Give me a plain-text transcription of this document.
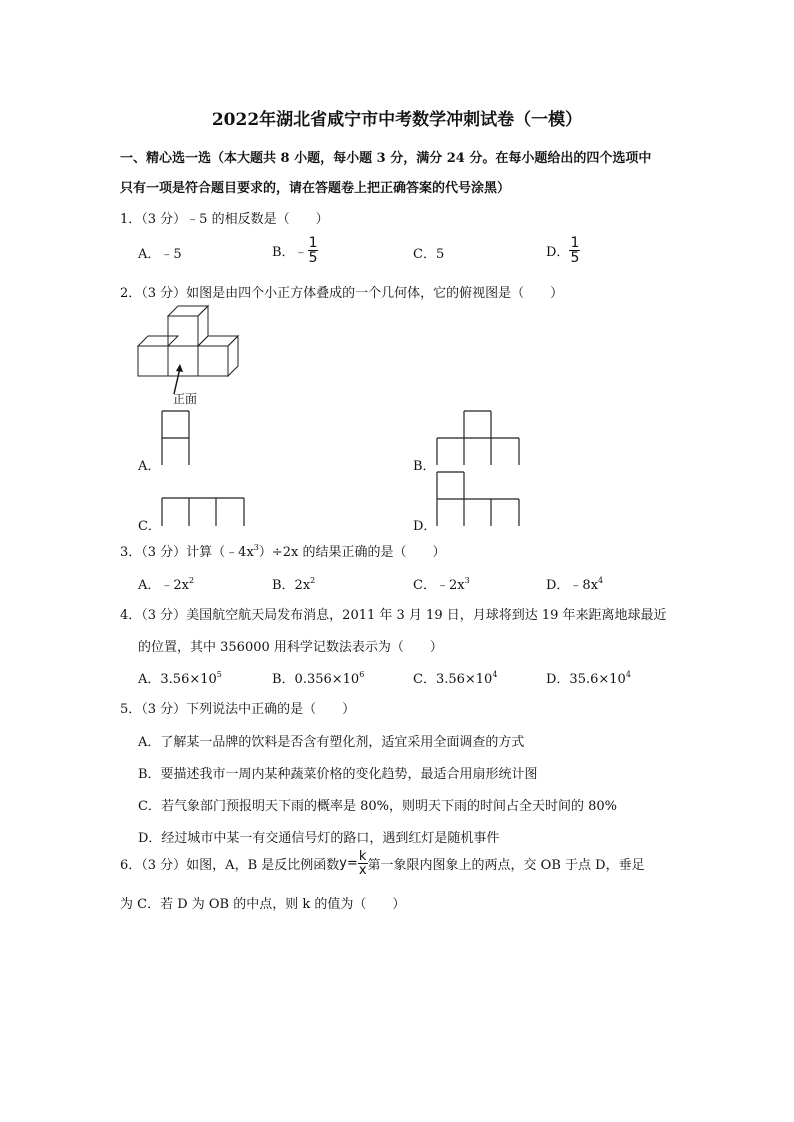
2022年湖北省咸宁市中考数学冲刺试卷（一模）
一、精心选一选（本大题共 8 小题，每小题 3 分，满分 24 分。在每小题给出的四个选项中
只有一项是符合题目要求的，请在答题卷上把正确答案的代号涂黑）
1．（3 分）﹣5 的相反数是（　　）
A．﹣5	B．﹣ $\frac{1}{5}$	C．5	D． $\frac{1}{5}$
2．（3 分）如图是由四个小正方体叠成的一个几何体，它的俯视图是（　　）
正面
A．	B．
C．	D．
3．（3 分）计算$(﹣4x^3)\div 2x$ 的结果正确的是（　　）
A．$﹣2x^2$	B．$2x^2$	C．$﹣2x^3$	D．$﹣8x^4$
4．（3 分）美国航空航天局发布消息，2011 年 3 月 19 日，月球将到达 19 年来距离地球最近
的位置，其中 356000 用科学记数法表示为（　　）
A．$3.56\times 10^5$	B．$0.356\times 10^6$	C．$3.56\times 10^4$	D．$35.6\times 10^4$
5．（3 分）下列说法中正确的是（　　）
A．了解某一品牌的饮料是否含有塑化剂，适宜采用全面调查的方式
B．要描述我市一周内某种蔬菜价格的变化趋势，最适合用扇形统计图
C．若气象部门预报明天下雨的概率是 80%，则明天下雨的时间占全天时间的 80%
D．经过城市中某一有交通信号灯的路口，遇到红灯是随机事件
6．（3 分）如图，A，B 是反比例函数$y= \frac{k}{x}$ 第一象限内图象上的两点，交 OB 于点 D，垂足
为 C．若 D 为 OB 的中点，则 k 的值为（　　）
